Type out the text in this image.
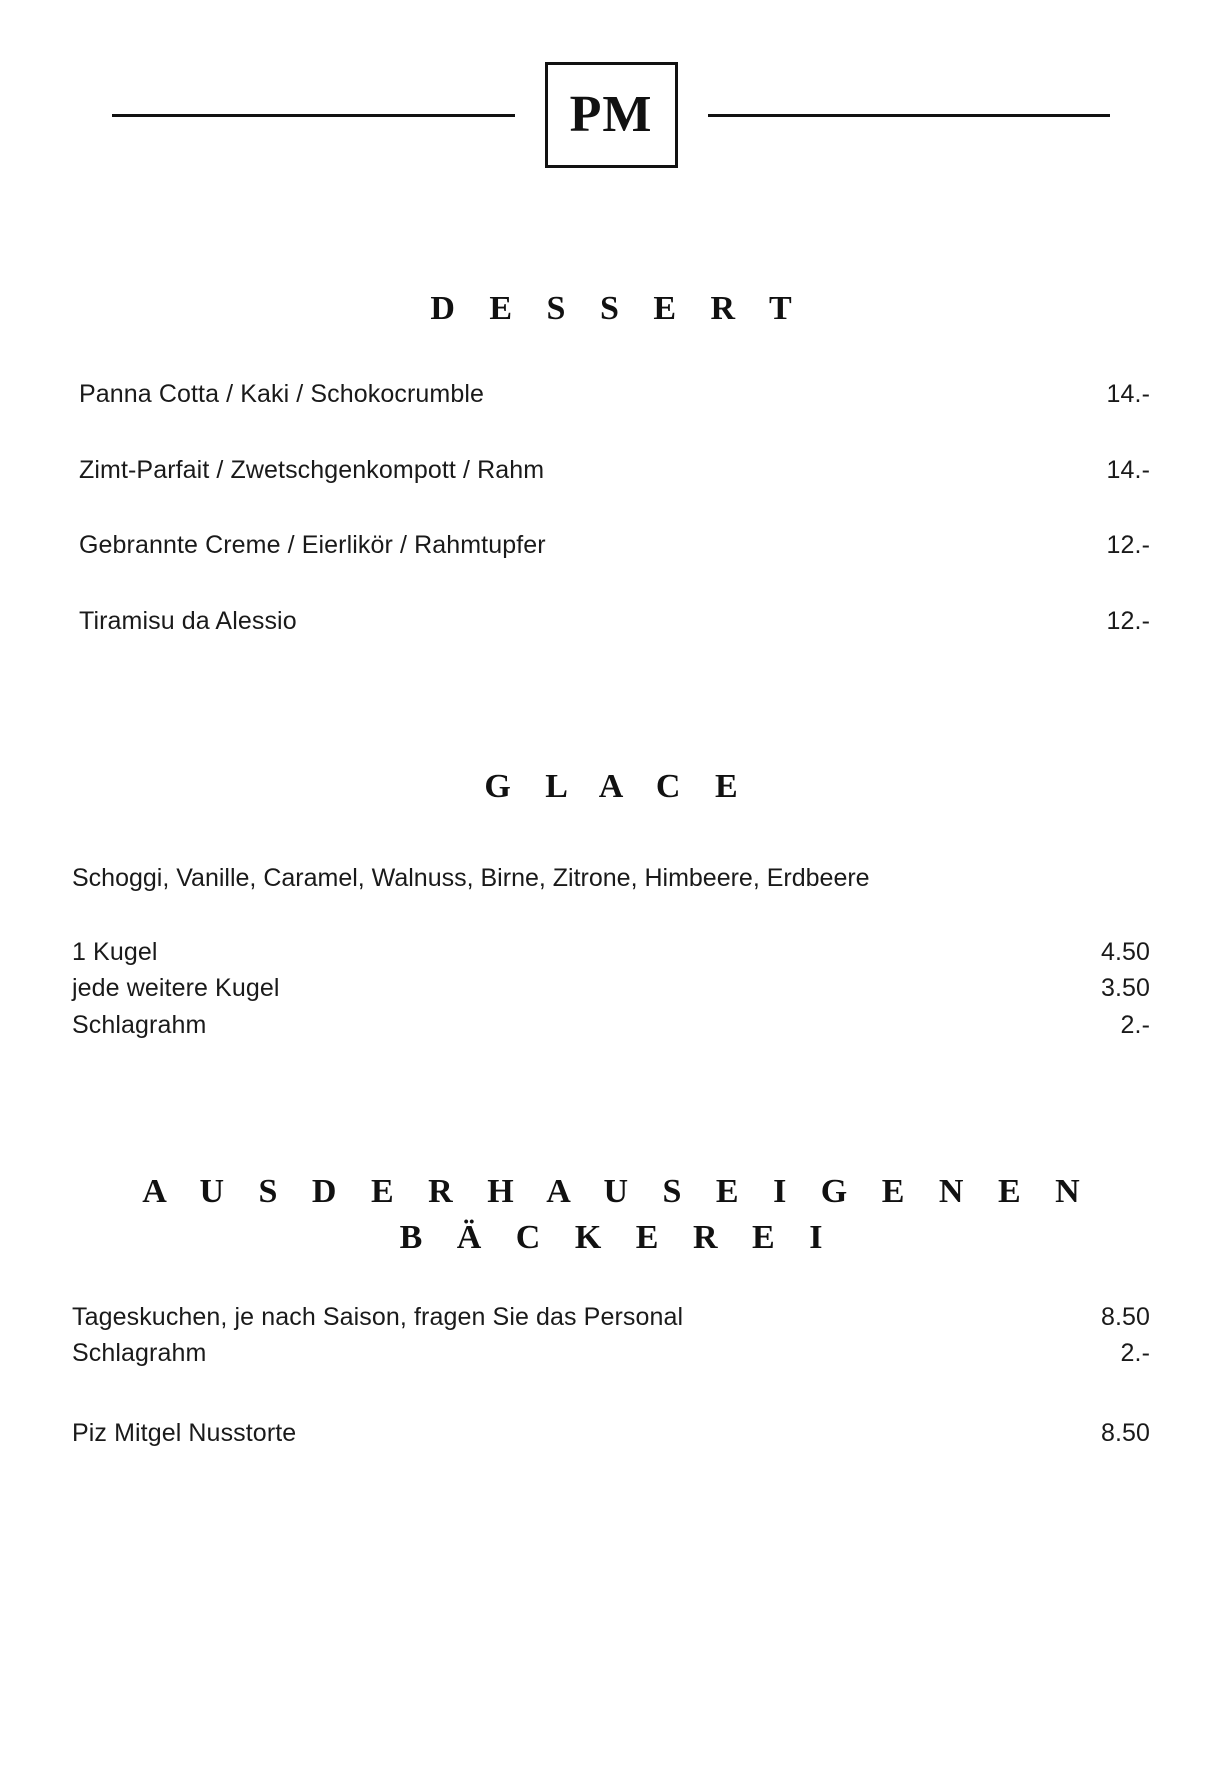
PM
D E S S E R T
Panna Cotta / Kaki / Schokocrumble	14.-
Zimt-Parfait / Zwetschgenkompott / Rahm	14.-
Gebrannte Creme / Eierlikör / Rahmtupfer	12.-
Tiramisu da Alessio	12.-
G L A C E
Schoggi, Vanille, Caramel, Walnuss, Birne, Zitrone, Himbeere, Erdbeere
1 Kugel	4.50
jede weitere Kugel	3.50
Schlagrahm	2.-
A U S D E R H A U S E I G E N E N
B Ä C K E R E I
Tageskuchen, je nach Saison, fragen Sie das Personal	8.50
Schlagrahm	2.-
Piz Mitgel Nusstorte	8.50
